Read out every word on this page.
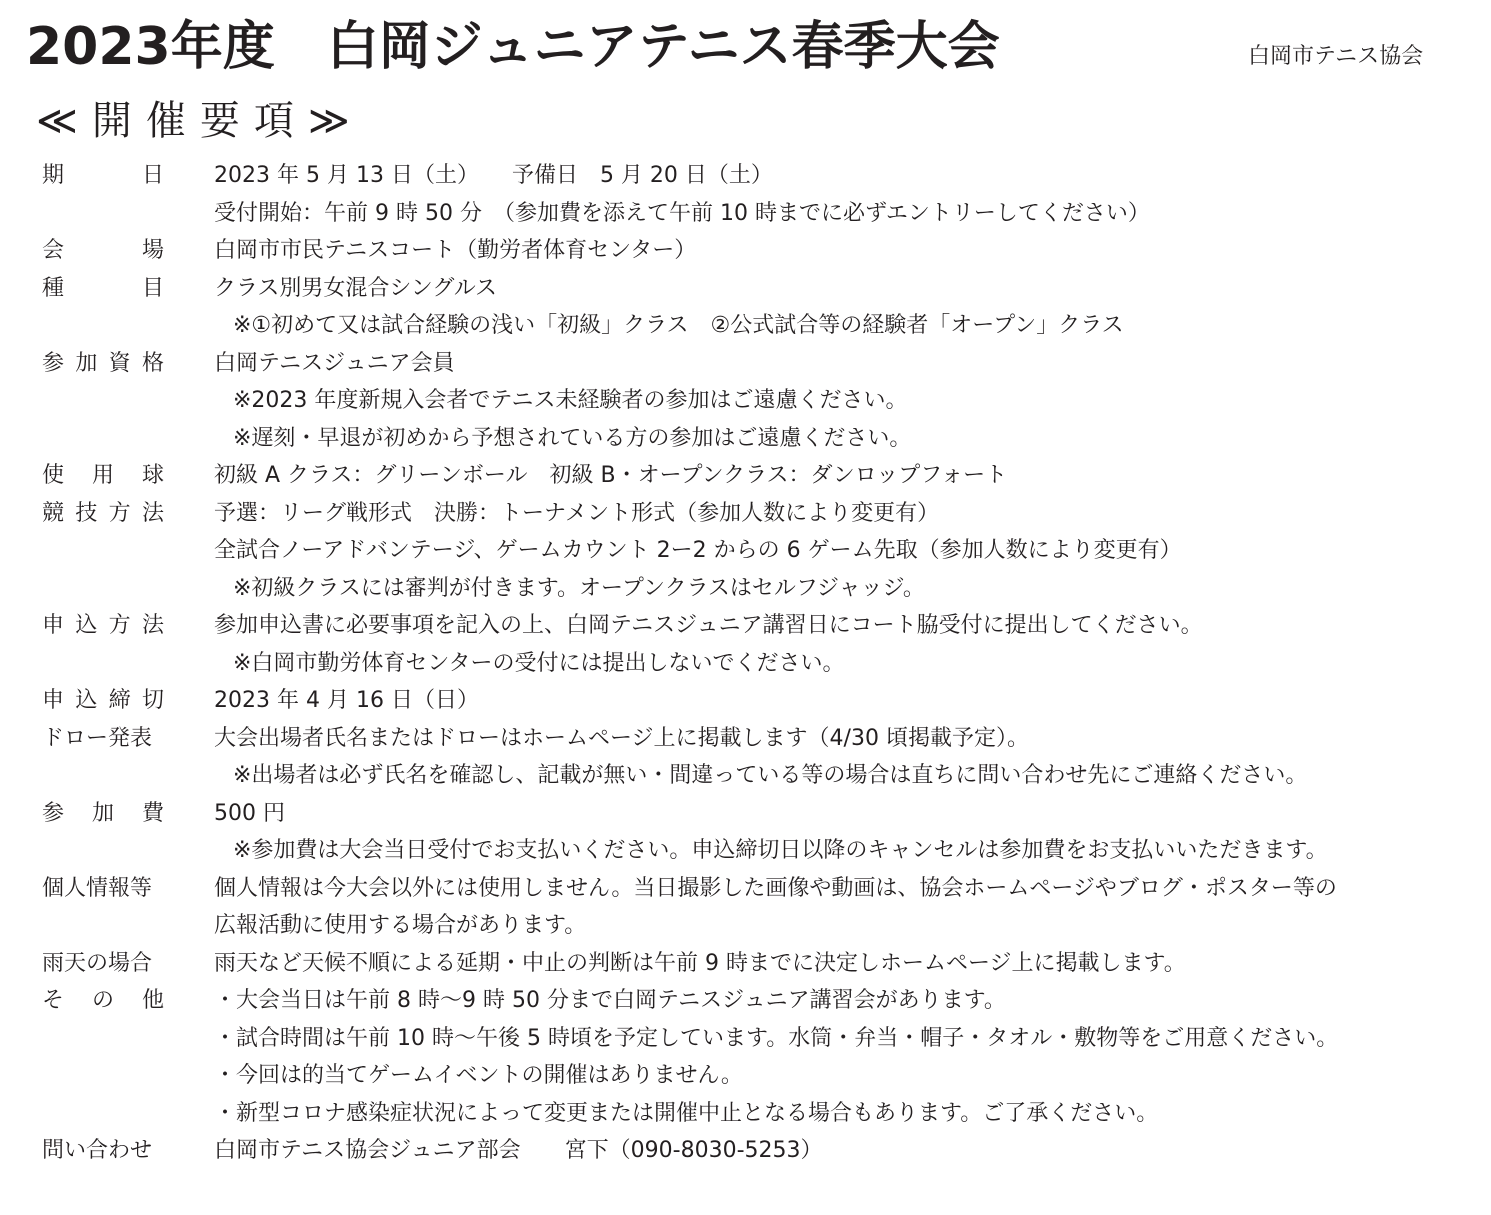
2023年度　白岡ジュニアテニス春季大会	白岡市テニス協会
≪開催要項≫
期日 2023 年 5 月 13 日（土）　　予備日　5 月 20 日（土）
受付開始：午前 9 時 50 分　（参加費を添えて午前 10 時までに必ずエントリーしてください）
会場 白岡市市民テニスコート（勤労者体育センター）
種目 クラス別男女混合シングルス
※①初めて又は試合経験の浅い「初級」クラス　②公式試合等の経験者「オープン」クラス
参加資格 白岡テニスジュニア会員
※2023 年度新規入会者でテニス未経験者の参加はご遠慮ください。
※遅刻・早退が初めから予想されている方の参加はご遠慮ください。
使用球 初級 A クラス：グリーンボール　初級 B・オープンクラス：ダンロップフォート
競技方法 予選：リーグ戦形式　決勝：トーナメント形式（参加人数により変更有）
全試合ノーアドバンテージ、ゲームカウント 2ー2 からの 6 ゲーム先取（参加人数により変更有）
※初級クラスには審判が付きます。オープンクラスはセルフジャッジ。
申込方法 参加申込書に必要事項を記入の上、白岡テニスジュニア講習日にコート脇受付に提出してください。
※白岡市勤労体育センターの受付には提出しないでください。
申込締切 2023 年 4 月 16 日（日）
ドロー発表	大会出場者氏名またはドローはホームページ上に掲載します（4/30 頃掲載予定）。
※出場者は必ず氏名を確認し、記載が無い・間違っている等の場合は直ちに問い合わせ先にご連絡ください。
参加費 500 円
※参加費は大会当日受付でお支払いください。申込締切日以降のキャンセルは参加費をお支払いいただきます。
個人情報等	個人情報は今大会以外には使用しません。当日撮影した画像や動画は、協会ホームページやブログ・ポスター等の
広報活動に使用する場合があります。
雨天の場合	雨天など天候不順による延期・中止の判断は午前 9 時までに決定しホームページ上に掲載します。
その他 ・大会当日は午前 8 時〜9 時 50 分まで白岡テニスジュニア講習会があります。
・試合時間は午前 10 時〜午後 5 時頃を予定しています。水筒・弁当・帽子・タオル・敷物等をご用意ください。
・今回は的当てゲームイベントの開催はありません。
・新型コロナ感染症状況によって変更または開催中止となる場合もあります。ご了承ください。
問い合わせ	白岡市テニス協会ジュニア部会　　宮下（090-8030-5253）
